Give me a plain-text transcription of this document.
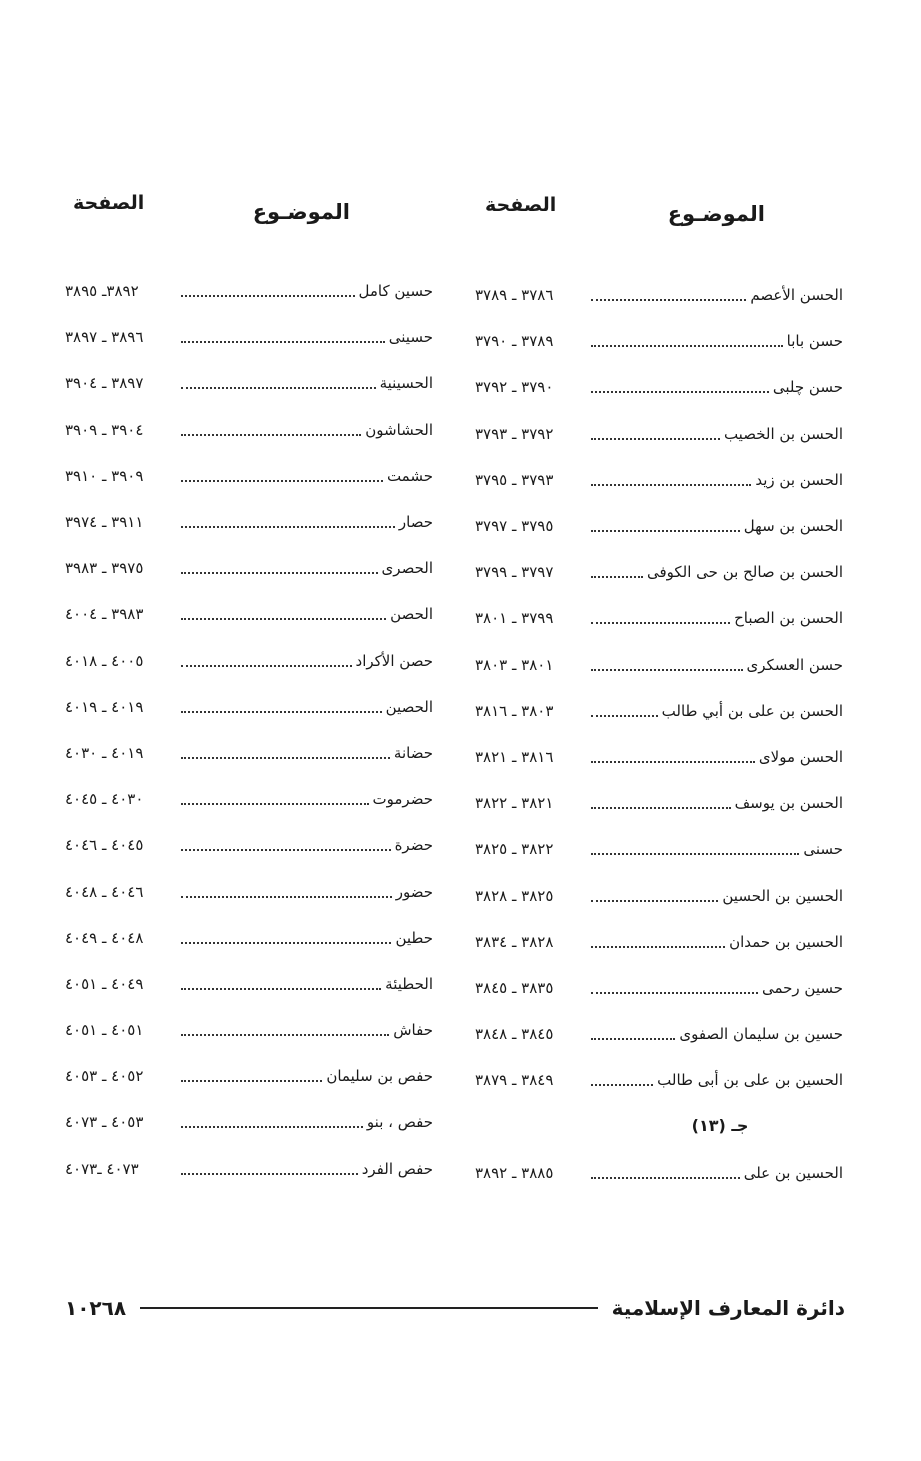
الموضـوع
الصفحة
الحسن الأعصم
٣٧٨٦ ـ ٣٧٨٩
حسن بابا
٣٧٨٩ ـ ٣٧٩٠
حسن چلبى
٣٧٩٠ ـ ٣٧٩٢
الحسن بن الخصيب
٣٧٩٢ ـ ٣٧٩٣
الحسن بن زيد
٣٧٩٣ ـ ٣٧٩٥
الحسن بن سهل
٣٧٩٥ ـ ٣٧٩٧
الحسن بن صالح بن حى الكوفى
٣٧٩٧ ـ ٣٧٩٩
الحسن بن الصباح
٣٧٩٩ ـ ٣٨٠١
حسن العسكرى
٣٨٠١ ـ ٣٨٠٣
الحسن بن على بن أبي طالب
٣٨٠٣ ـ ٣٨١٦
الحسن مولاى
٣٨١٦ ـ ٣٨٢١
الحسن بن يوسف
٣٨٢١ ـ ٣٨٢٢
حسنى
٣٨٢٢ ـ ٣٨٢٥
الحسين بن الحسين
٣٨٢٥ ـ ٣٨٢٨
الحسين بن حمدان
٣٨٢٨ ـ ٣٨٣٤
حسين رحمى
٣٨٣٥ ـ ٣٨٤٥
حسين بن سليمان الصفوى
٣٨٤٥ ـ ٣٨٤٨
الحسين بن على بن أبى طالب
٣٨٤٩ ـ ٣٨٧٩
جـ (١٣)
الحسين بن على
٣٨٨٥ ـ ٣٨٩٢
الموضـوع
الصفحة
حسين كامل
٣٨٩٢ـ ٣٨٩٥
حسينى
٣٨٩٦ ـ ٣٨٩٧
الحسينية
٣٨٩٧ ـ ٣٩٠٤
الحشاشون
٣٩٠٤ ـ ٣٩٠٩
حشمت
٣٩٠٩ ـ ٣٩١٠
حصار
٣٩١١ ـ ٣٩٧٤
الحصرى
٣٩٧٥ ـ ٣٩٨٣
الحصن
٣٩٨٣ ـ ٤٠٠٤
حصن الأكراد
٤٠٠٥ ـ ٤٠١٨
الحصين
٤٠١٩ ـ ٤٠١٩
حضانة
٤٠١٩ ـ ٤٠٣٠
حضرموت
٤٠٣٠ ـ ٤٠٤٥
حضرة
٤٠٤٥ ـ ٤٠٤٦
حضور
٤٠٤٦ ـ ٤٠٤٨
حطين
٤٠٤٨ ـ ٤٠٤٩
الحطيئة
٤٠٤٩ ـ ٤٠٥١
حفاش
٤٠٥١ ـ ٤٠٥١
حفص بن سليمان
٤٠٥٢ ـ ٤٠٥٣
حفص ، بنو
٤٠٥٣ ـ ٤٠٧٣
حفص الفرد
٤٠٧٣ ـ٤٠٧٣
دائرة المعارف الإسلامية
١٠٢٦٨
